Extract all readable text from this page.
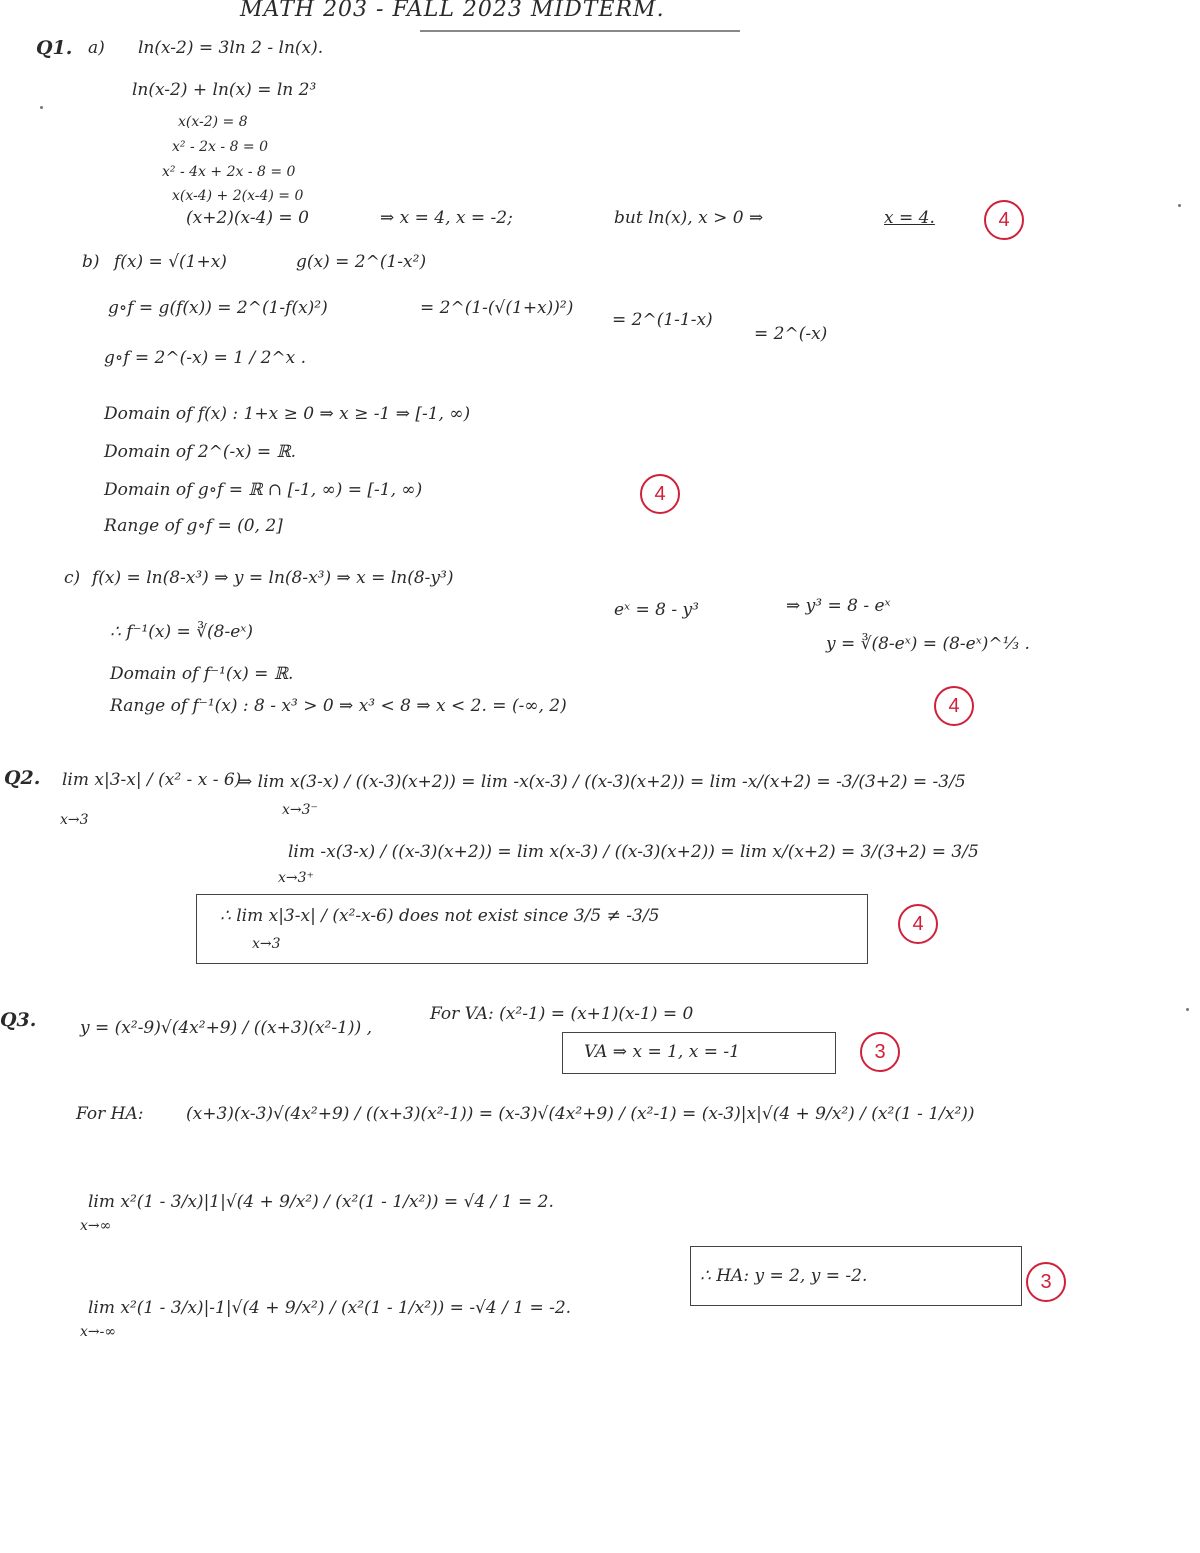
MATH 203 - FALL 2023 MIDTERM.
Q1. a) ln(x-2) = 3ln 2 - ln(x).
ln(x-2) + ln(x) = ln 2³
x(x-2) = 8
x² - 2x - 8 = 0
x² - 4x + 2x - 8 = 0
x(x-4) + 2(x-4) = 0
(x+2)(x-4) = 0	⇒ x = 4, x = -2;	but ln(x), x > 0 ⇒	x = 4.	4
b) f(x) = √(1+x)	g(x) = 2^(1-x²)
g∘f = g(f(x)) = 2^(1-f(x)²)	= 2^(1-(√(1+x))²)
= 2^(1-1-x)
= 2^(-x)
g∘f = 2^(-x) = 1 / 2^x .
Domain of f(x) : 1+x ≥ 0 ⇒ x ≥ -1 ⇒ [-1, ∞)
Domain of 2^(-x) = ℝ.
Domain of g∘f = ℝ ∩ [-1, ∞) = [-1, ∞)
Range of g∘f = (0, 2]
4
c) f(x) = ln(8-x³) ⇒ y = ln(8-x³) ⇒ x = ln(8-y³)
eˣ = 8 - y³	⇒ y³ = 8 - eˣ
y = ∛(8-eˣ) = (8-eˣ)^⅓ .
∴ f⁻¹(x) = ∛(8-eˣ)
Domain of f⁻¹(x) = ℝ.
Range of f⁻¹(x) : 8 - x³ > 0 ⇒ x³ < 8 ⇒ x < 2. = (-∞, 2)	4
Q2. lim x|3-x| / (x² - x - 6)
x→3
⇒ lim x(3-x) / ((x-3)(x+2)) = lim -x(x-3) / ((x-3)(x+2)) = lim -x/(x+2) = -3/(3+2) = -3/5
x→3⁻
lim -x(3-x) / ((x-3)(x+2)) = lim x(x-3) / ((x-3)(x+2)) = lim x/(x+2) = 3/(3+2) = 3/5
x→3⁺
∴ lim x|3-x| / (x²-x-6) does not exist since 3/5 ≠ -3/5
x→3
4
Q3.	y = (x²-9)√(4x²+9) / ((x+3)(x²-1)) ,
For VA: (x²-1) = (x+1)(x-1) = 0
VA ⇒ x = 1, x = -1	3
For HA:	(x+3)(x-3)√(4x²+9) / ((x+3)(x²-1)) = (x-3)√(4x²+9) / (x²-1) = (x-3)|x|√(4 + 9/x²) / (x²(1 - 1/x²))
lim x²(1 - 3/x)|1|√(4 + 9/x²) / (x²(1 - 1/x²)) = √4 / 1 = 2.
x→∞
lim x²(1 - 3/x)|-1|√(4 + 9/x²) / (x²(1 - 1/x²)) = -√4 / 1 = -2.
x→-∞
∴ HA: y = 2, y = -2.	3
